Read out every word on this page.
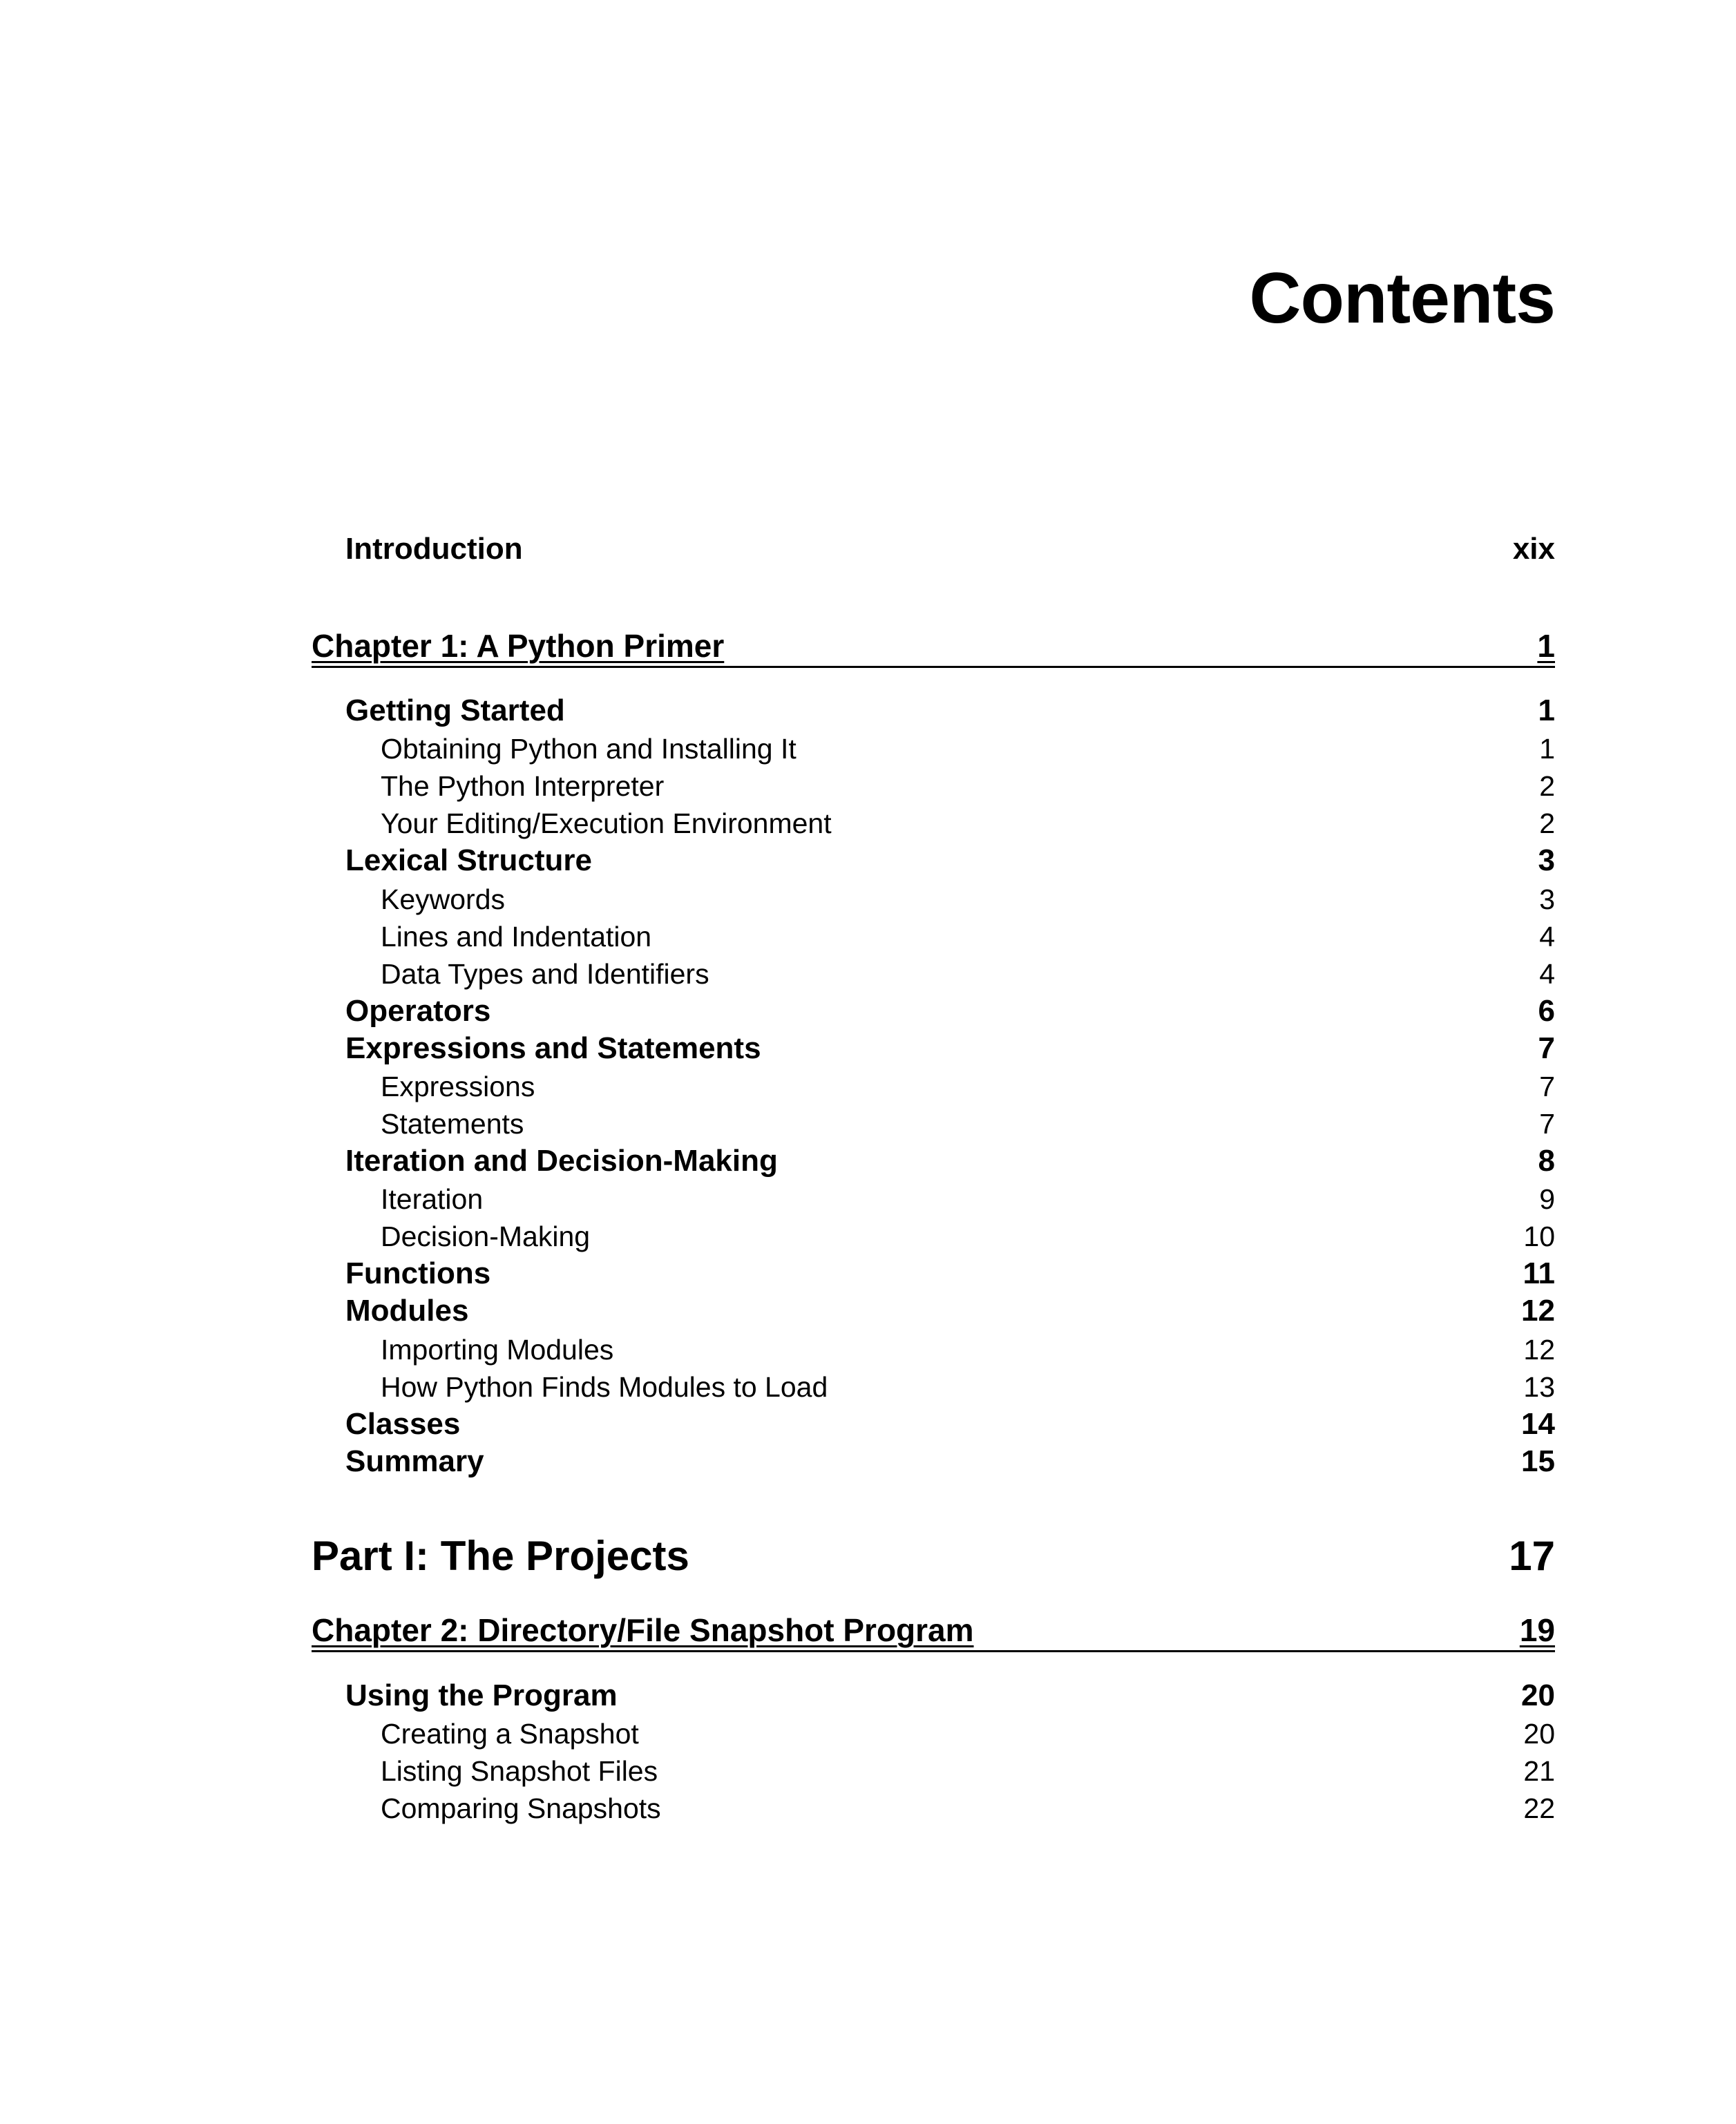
Contents
Introduction	xix
Chapter 1: A Python Primer	1
Getting Started	1
Obtaining Python and Installing It	1
The Python Interpreter	2
Your Editing/Execution Environment	2
Lexical Structure	3
Keywords	3
Lines and Indentation	4
Data Types and Identifiers	4
Operators	6
Expressions and Statements	7
Expressions	7
Statements	7
Iteration and Decision-Making	8
Iteration	9
Decision-Making	10
Functions	11
Modules	12
Importing Modules	12
How Python Finds Modules to Load	13
Classes	14
Summary	15
Part I: The Projects	17
Chapter 2: Directory/File Snapshot Program	19
Using the Program	20
Creating a Snapshot	20
Listing Snapshot Files	21
Comparing Snapshots	22
